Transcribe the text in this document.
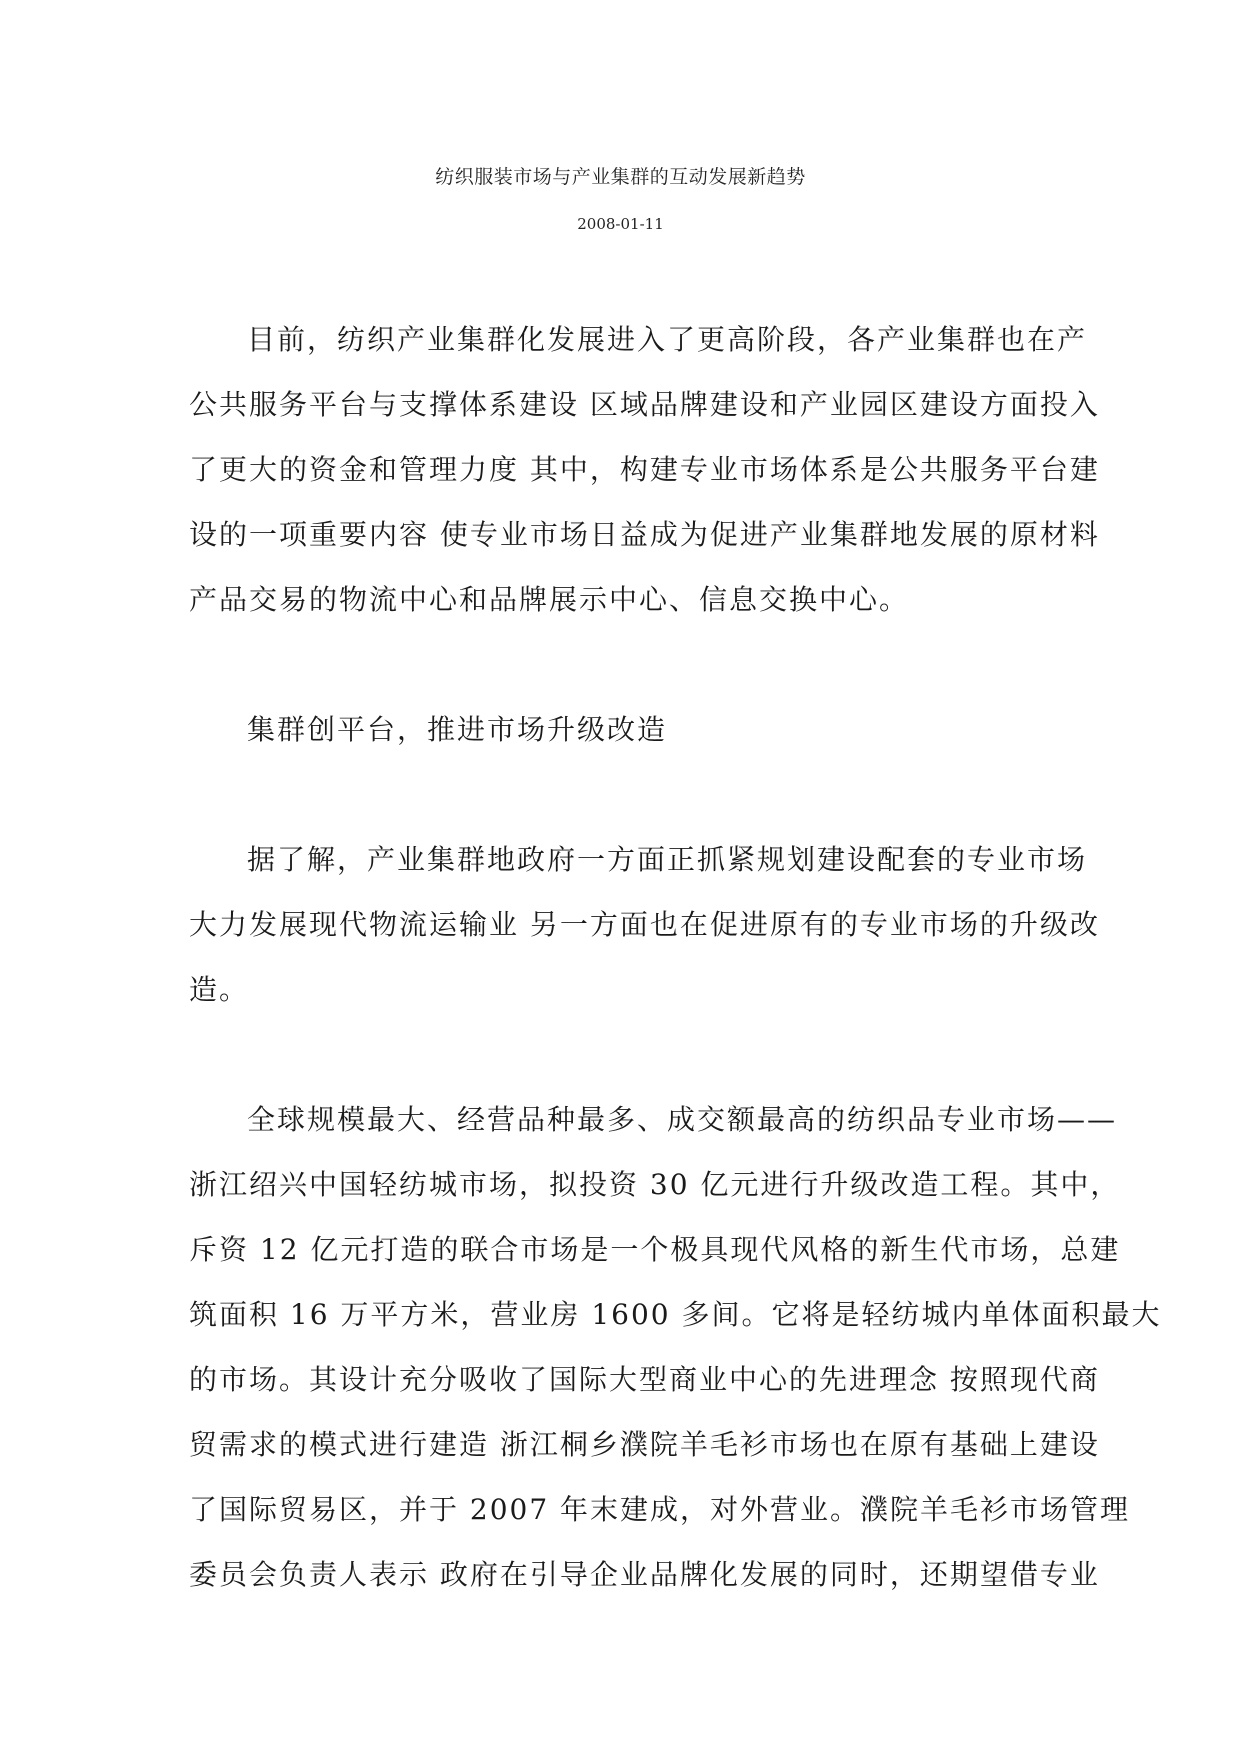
纺织服装市场与产业集群的互动发展新趋势

2008-01-11

目前，纺织产业集群化发展进入了更高阶段，各产业集群也在产
公共服务平台与支撑体系建设 区域品牌建设和产业园区建设方面投入
了更大的资金和管理力度 其中，构建专业市场体系是公共服务平台建
设的一项重要内容 使专业市场日益成为促进产业集群地发展的原材料
产品交易的物流中心和品牌展示中心、信息交换中心。
集群创平台，推进市场升级改造
据了解，产业集群地政府一方面正抓紧规划建设配套的专业市场
大力发展现代物流运输业 另一方面也在促进原有的专业市场的升级改
造。
全球规模最大、经营品种最多、成交额最高的纺织品专业市场——
浙江绍兴中国轻纺城市场，拟投资 30 亿元进行升级改造工程。其中，
斥资 12 亿元打造的联合市场是一个极具现代风格的新生代市场，总建
筑面积 16 万平方米，营业房 1600 多间。它将是轻纺城内单体面积最大
的市场。其设计充分吸收了国际大型商业中心的先进理念 按照现代商
贸需求的模式进行建造 浙江桐乡濮院羊毛衫市场也在原有基础上建设
了国际贸易区，并于 2007 年末建成，对外营业。濮院羊毛衫市场管理
委员会负责人表示 政府在引导企业品牌化发展的同时，还期望借专业
